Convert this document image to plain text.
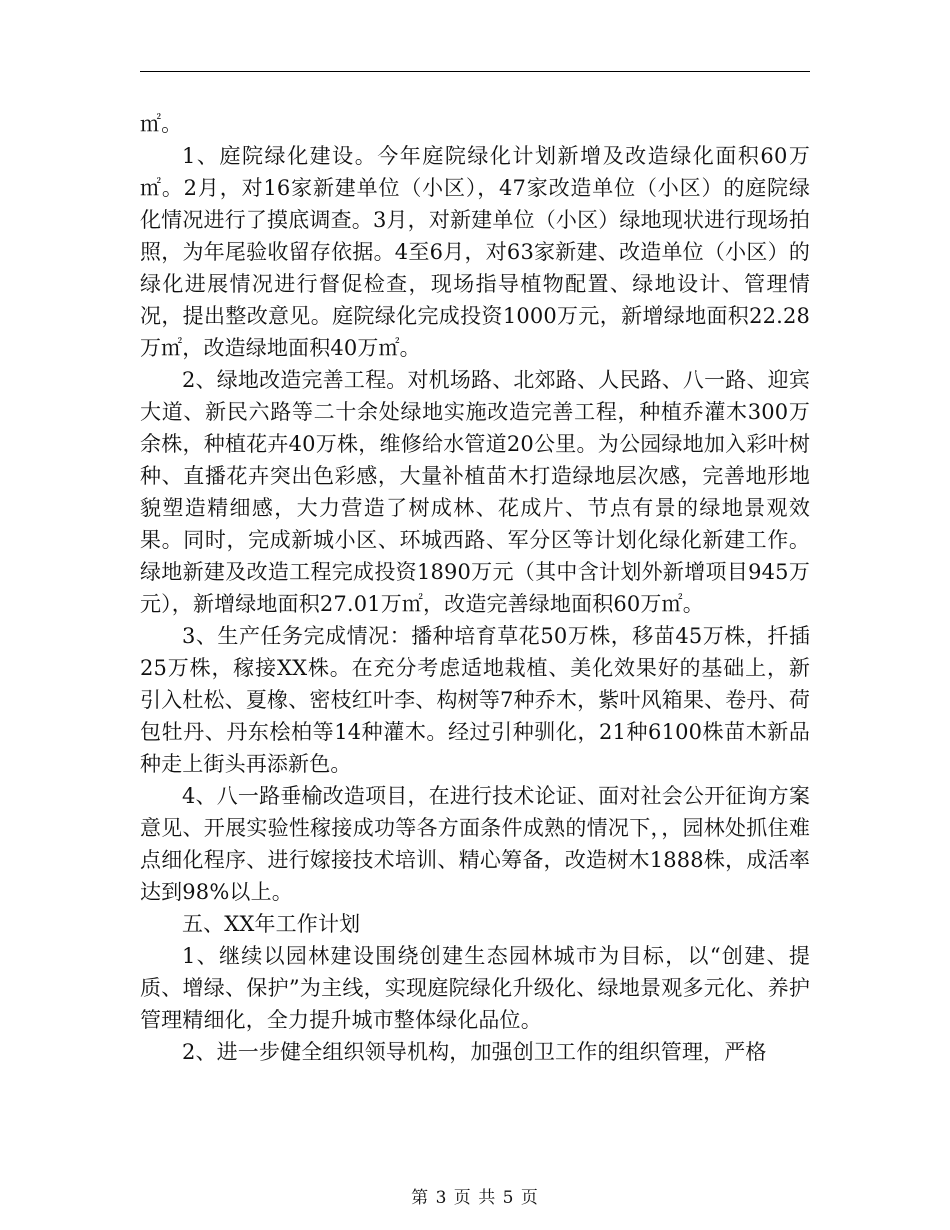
㎡。

1、庭院绿化建设。今年庭院绿化计划新增及改造绿化面积60万㎡。2月，对16家新建单位（小区），47家改造单位（小区）的庭院绿化情况进行了摸底调查。3月，对新建单位（小区）绿地现状进行现场拍照，为年尾验收留存依据。4至6月，对63家新建、改造单位（小区）的绿化进展情况进行督促检查，现场指导植物配置、绿地设计、管理情况，提出整改意见。庭院绿化完成投资1000万元，新增绿地面积22.28万㎡，改造绿地面积40万㎡。

2、绿地改造完善工程。对机场路、北郊路、人民路、八一路、迎宾大道、新民六路等二十余处绿地实施改造完善工程，种植乔灌木300万余株，种植花卉40万株，维修给水管道20公里。为公园绿地加入彩叶树种、直播花卉突出色彩感，大量补植苗木打造绿地层次感，完善地形地貌塑造精细感，大力营造了树成林、花成片、节点有景的绿地景观效果。同时，完成新城小区、环城西路、军分区等计划化绿化新建工作。绿地新建及改造工程完成投资1890万元（其中含计划外新增项目945万元），新增绿地面积27.01万㎡，改造完善绿地面积60万㎡。

3、生产任务完成情况：播种培育草花50万株，移苗45万株，扦插25万株，稼接XX株。在充分考虑适地栽植、美化效果好的基础上，新引入杜松、夏橡、密枝红叶李、构树等7种乔木，紫叶风箱果、卷丹、荷包牡丹、丹东桧柏等14种灌木。经过引种驯化，21种6100株苗木新品种走上街头再添新色。

4、八一路垂榆改造项目，在进行技术论证、面对社会公开征询方案意见、开展实验性稼接成功等各方面条件成熟的情况下，，园林处抓住难点细化程序、进行嫁接技术培训、精心筹备，改造树木1888株，成活率达到98%以上。

五、XX年工作计划

1、继续以园林建设围绕创建生态园林城市为目标，以“创建、提质、增绿、保护”为主线，实现庭院绿化升级化、绿地景观多元化、养护管理精细化，全力提升城市整体绿化品位。

2、进一步健全组织领导机构，加强创卫工作的组织管理，严格

第 3 页 共 5 页
